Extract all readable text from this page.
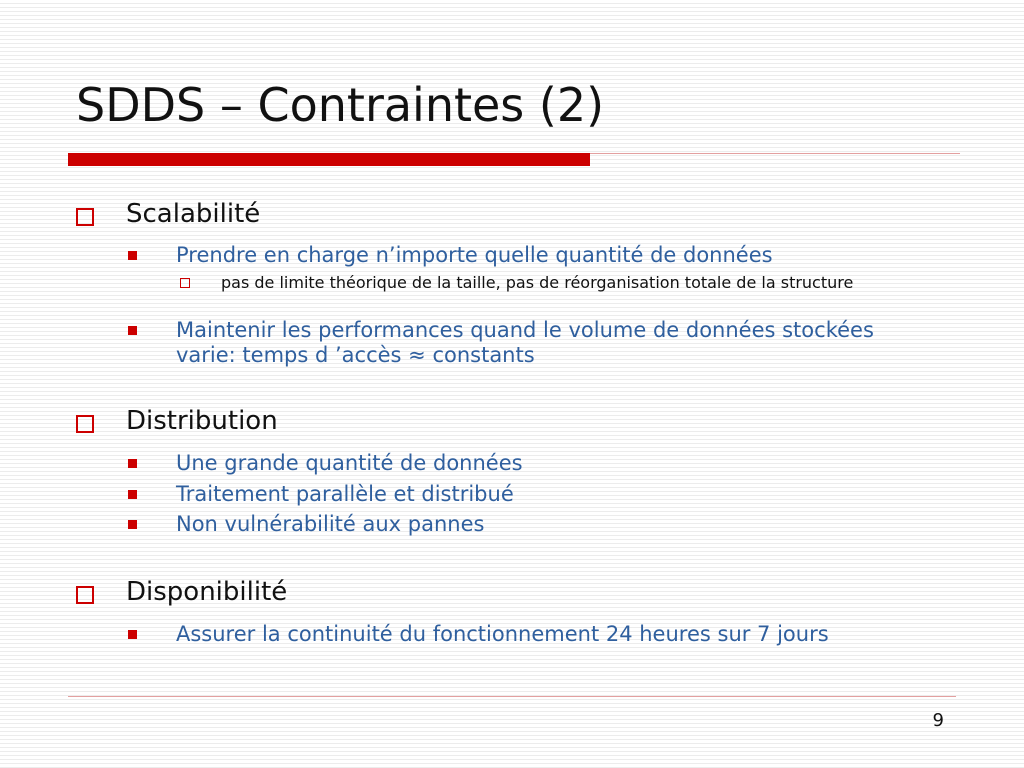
SDDS – Contraintes (2)
Scalabilité
Prendre en charge n’importe quelle quantité de données
pas de limite théorique de la taille, pas de réorganisation totale de la structure
Maintenir les performances quand le volume de données stockées varie: temps d ’accès ≈ constants
Distribution
Une grande quantité de données
Traitement parallèle et distribué
Non vulnérabilité aux pannes
Disponibilité
Assurer la continuité du fonctionnement 24 heures sur 7 jours
9
